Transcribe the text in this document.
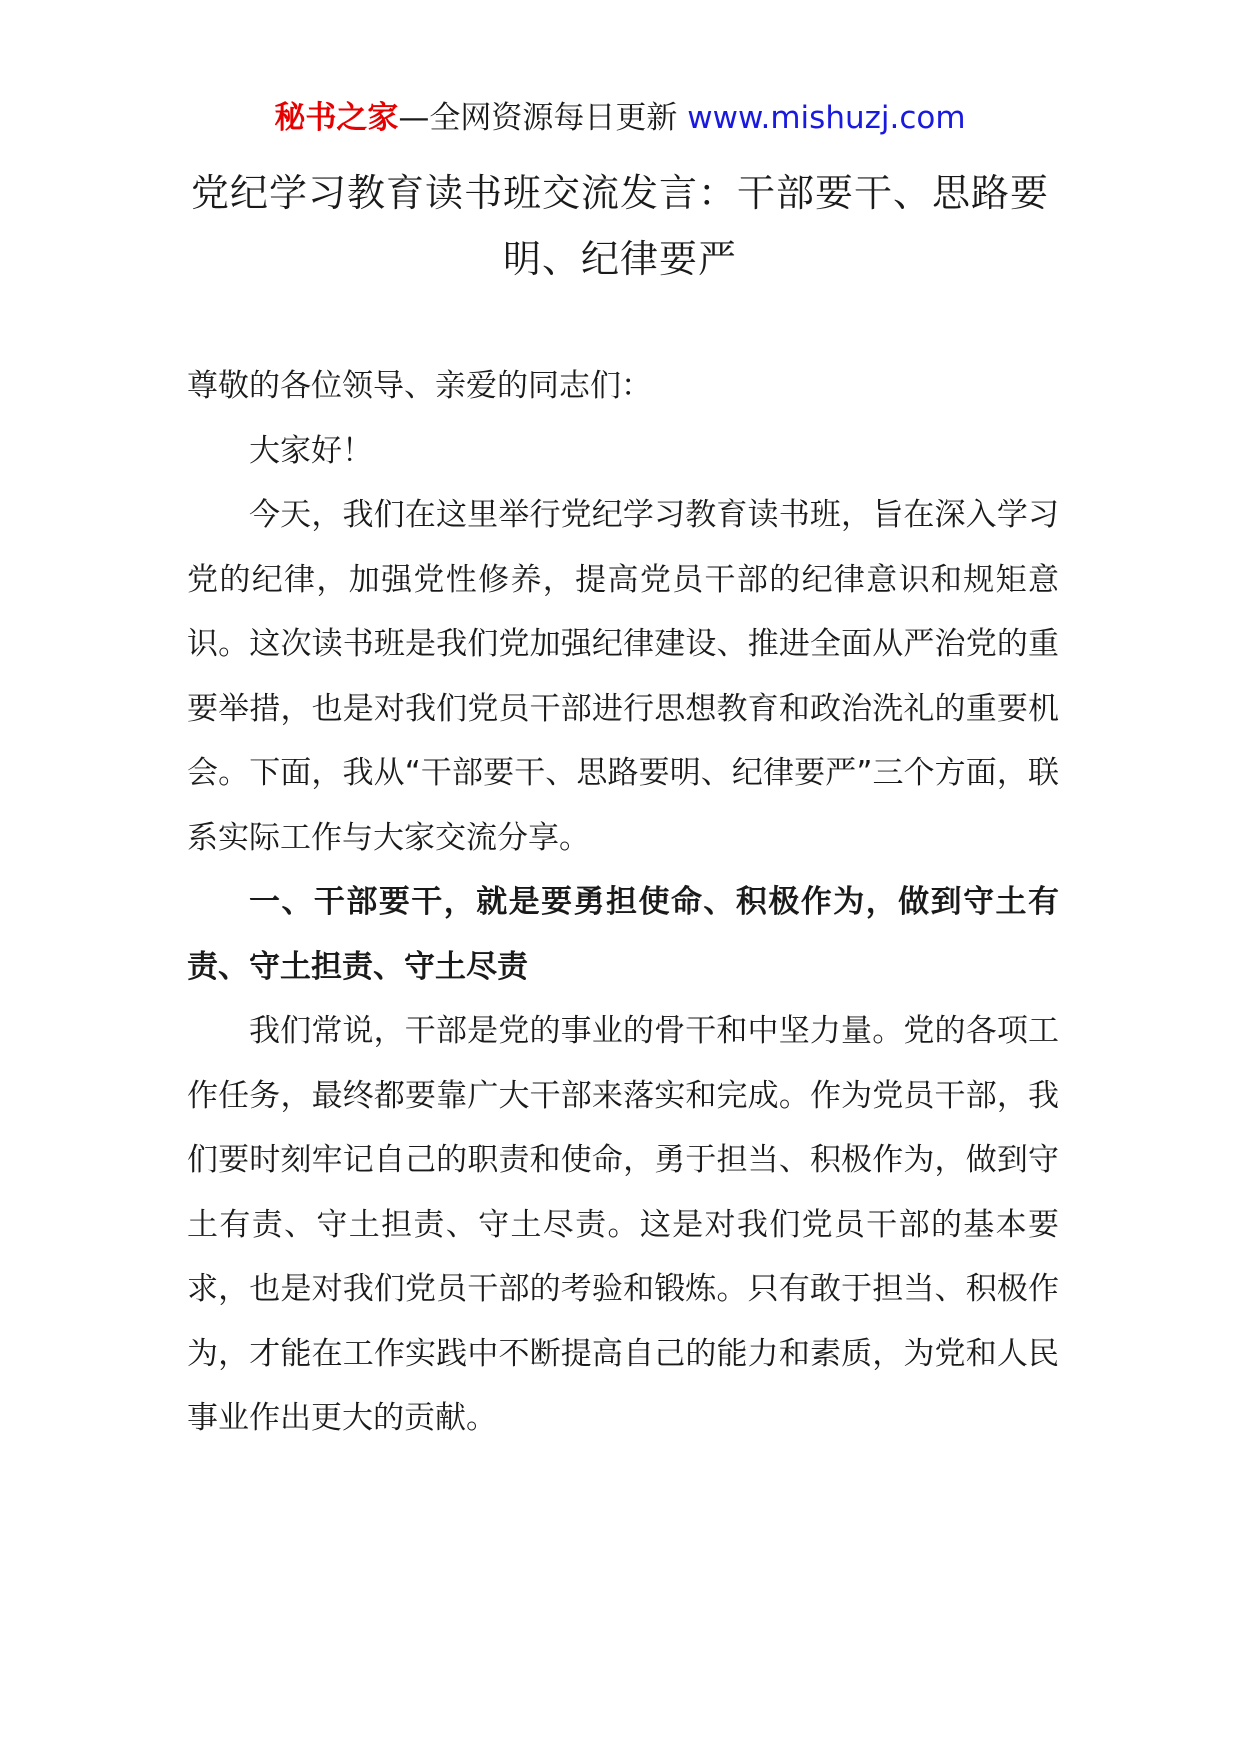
秘书之家—全网资源每日更新 www.mishuzj.com
党纪学习教育读书班交流发言：干部要干、思路要明、纪律要严

尊敬的各位领导、亲爱的同志们：

大家好！

今天，我们在这里举行党纪学习教育读书班，旨在深入学习党的纪律，加强党性修养，提高党员干部的纪律意识和规矩意识。这次读书班是我们党加强纪律建设、推进全面从严治党的重要举措，也是对我们党员干部进行思想教育和政治洗礼的重要机会。下面，我从“干部要干、思路要明、纪律要严”三个方面，联系实际工作与大家交流分享。

一、干部要干，就是要勇担使命、积极作为，做到守土有责、守土担责、守土尽责

我们常说，干部是党的事业的骨干和中坚力量。党的各项工作任务，最终都要靠广大干部来落实和完成。作为党员干部，我们要时刻牢记自己的职责和使命，勇于担当、积极作为，做到守土有责、守土担责、守土尽责。这是对我们党员干部的基本要求，也是对我们党员干部的考验和锻炼。只有敢于担当、积极作为，才能在工作实践中不断提高自己的能力和素质，为党和人民事业作出更大的贡献。
